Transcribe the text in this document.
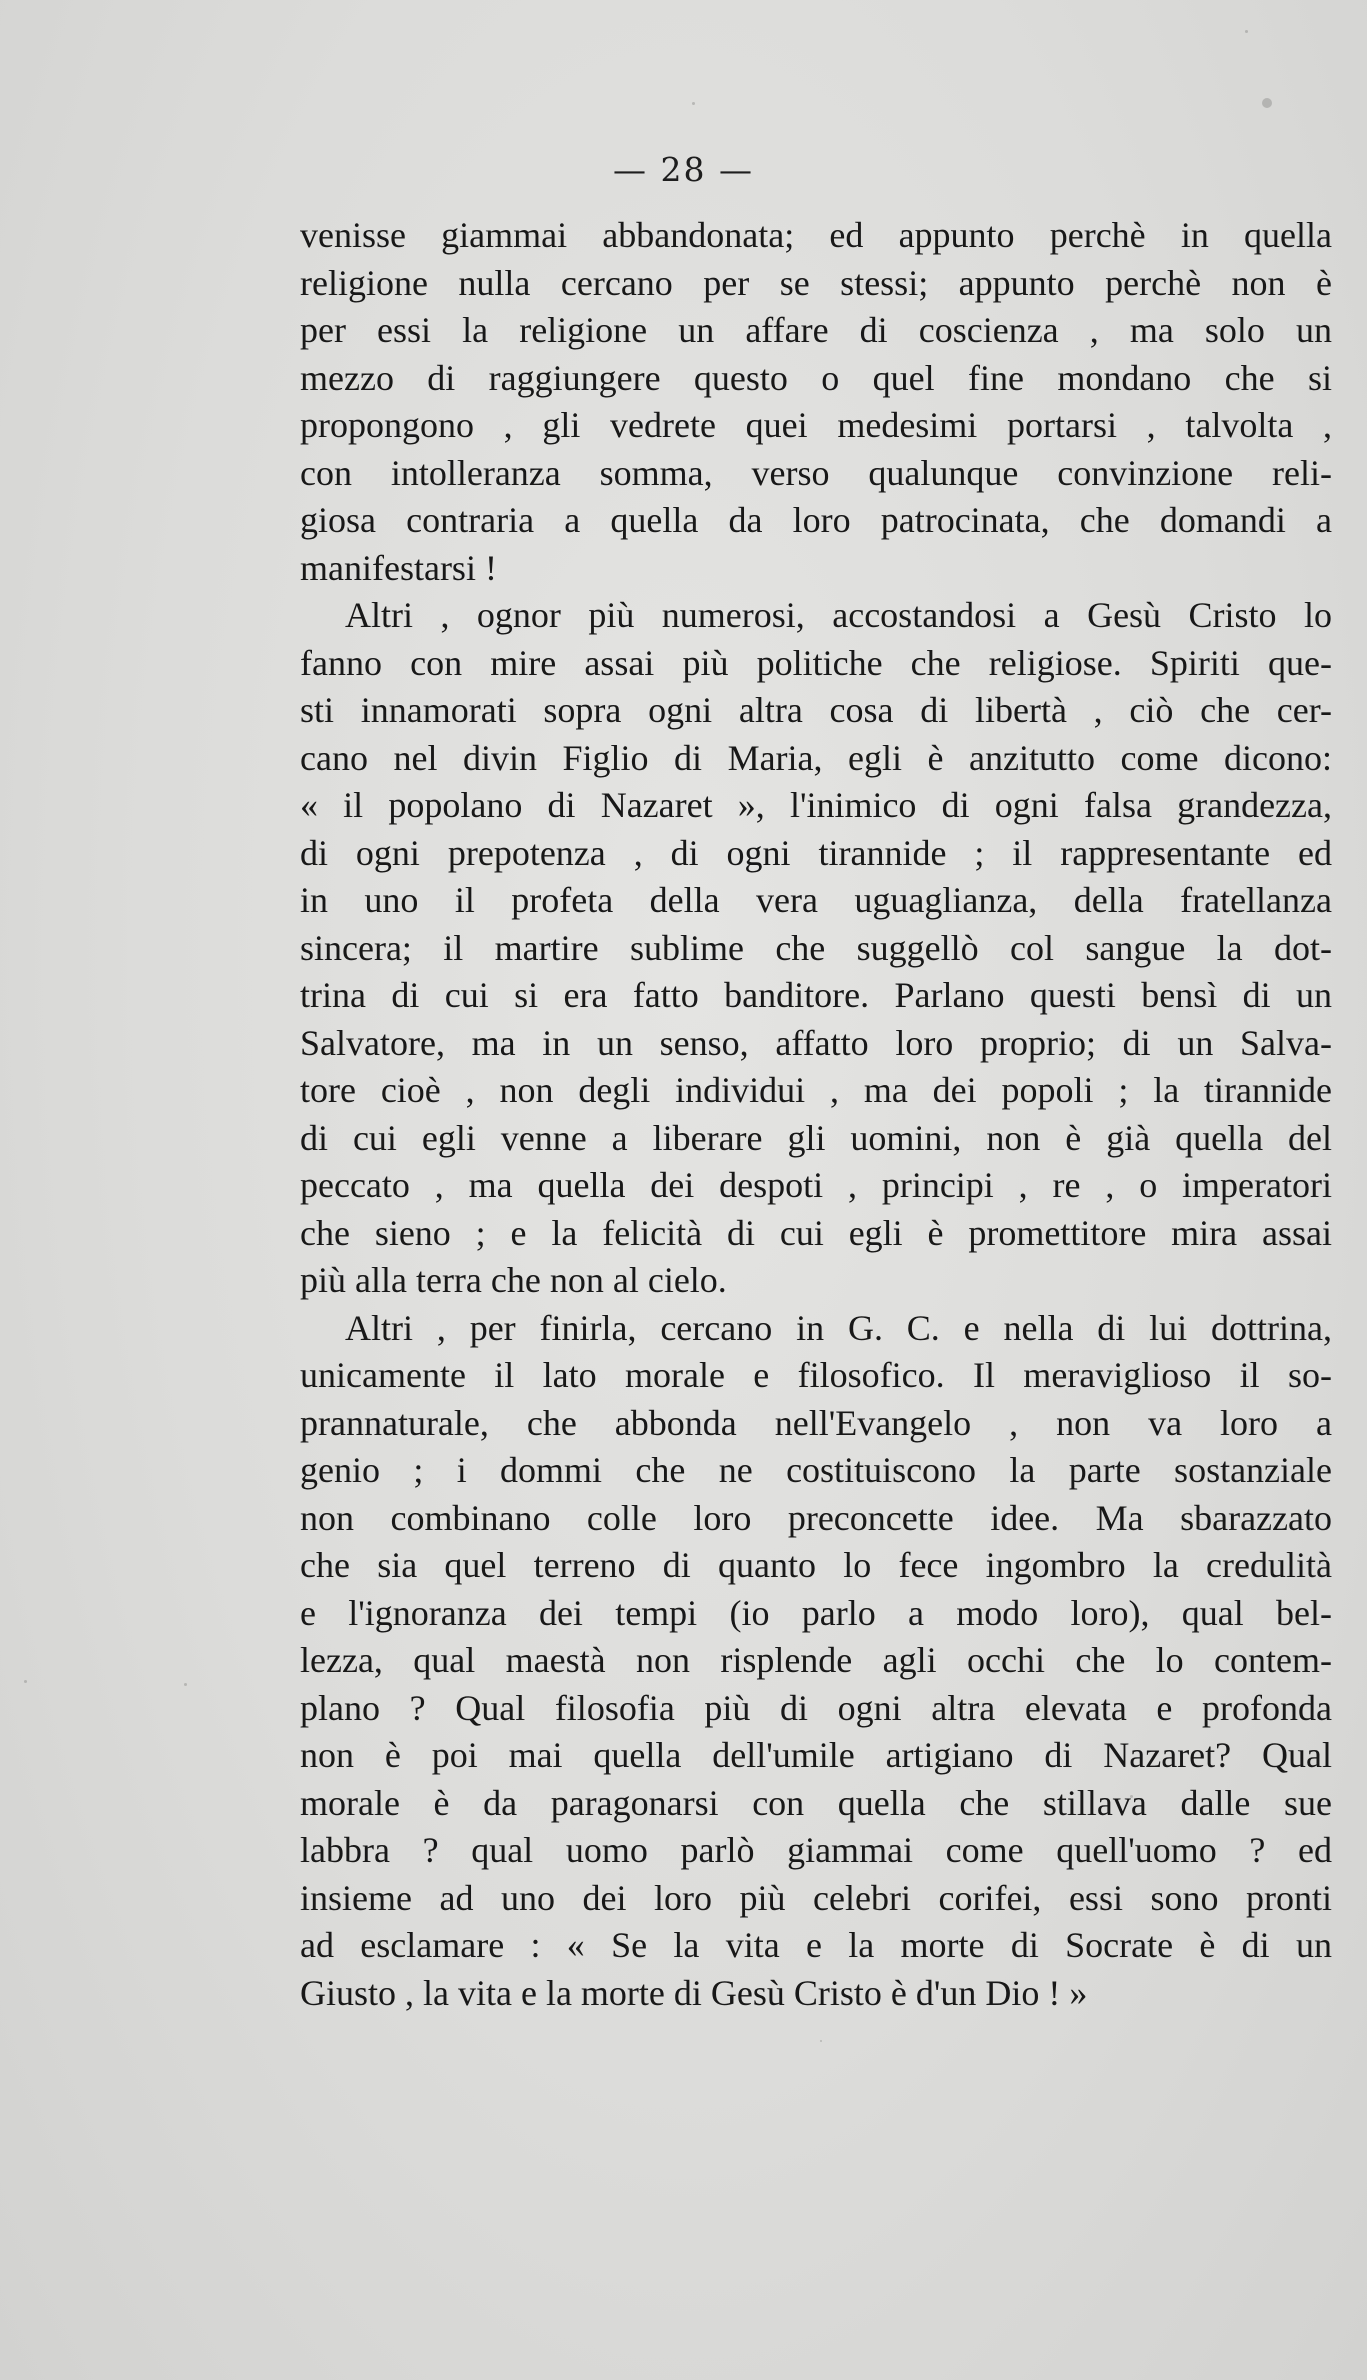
— 28 —
venisse giammai abbandonata; ed appunto perchè in quella
religione nulla cercano per se stessi; appunto perchè non è
per essi la religione un affare di coscienza , ma solo un
mezzo di raggiungere questo o quel fine mondano che si
propongono , gli vedrete quei medesimi portarsi , talvolta ,
con intolleranza somma, verso qualunque convinzione reli-
giosa contraria a quella da loro patrocinata, che domandi a
manifestarsi !
Altri , ognor più numerosi, accostandosi a Gesù Cristo lo
fanno con mire assai più politiche che religiose. Spiriti que-
sti innamorati sopra ogni altra cosa di libertà , ciò che cer-
cano nel divin Figlio di Maria, egli è anzitutto come dicono:
« il popolano di Nazaret », l'inimico di ogni falsa grandezza,
di ogni prepotenza , di ogni tirannide ; il rappresentante ed
in uno il profeta della vera uguaglianza, della fratellanza
sincera; il martire sublime che suggellò col sangue la dot-
trina di cui si era fatto banditore. Parlano questi bensì di un
Salvatore, ma in un senso, affatto loro proprio; di un Salva-
tore cioè , non degli individui , ma dei popoli ; la tirannide
di cui egli venne a liberare gli uomini, non è già quella del
peccato , ma quella dei despoti , principi , re , o imperatori
che sieno ; e la felicità di cui egli è promettitore mira assai
più alla terra che non al cielo.
Altri , per finirla, cercano in G. C. e nella di lui dottrina,
unicamente il lato morale e filosofico. Il meraviglioso il so-
prannaturale, che abbonda nell'Evangelo , non va loro a
genio ; i dommi che ne costituiscono la parte sostanziale
non combinano colle loro preconcette idee. Ma sbarazzato
che sia quel terreno di quanto lo fece ingombro la credulità
e l'ignoranza dei tempi (io parlo a modo loro), qual bel-
lezza, qual maestà non risplende agli occhi che lo contem-
plano ? Qual filosofia più di ogni altra elevata e profonda
non è poi mai quella dell'umile artigiano di Nazaret? Qual
morale è da paragonarsi con quella che stillava dalle sue
labbra ? qual uomo parlò giammai come quell'uomo ? ed
insieme ad uno dei loro più celebri corifei, essi sono pronti
ad esclamare : « Se la vita e la morte di Socrate è di un
Giusto , la vita e la morte di Gesù Cristo è d'un Dio ! »
